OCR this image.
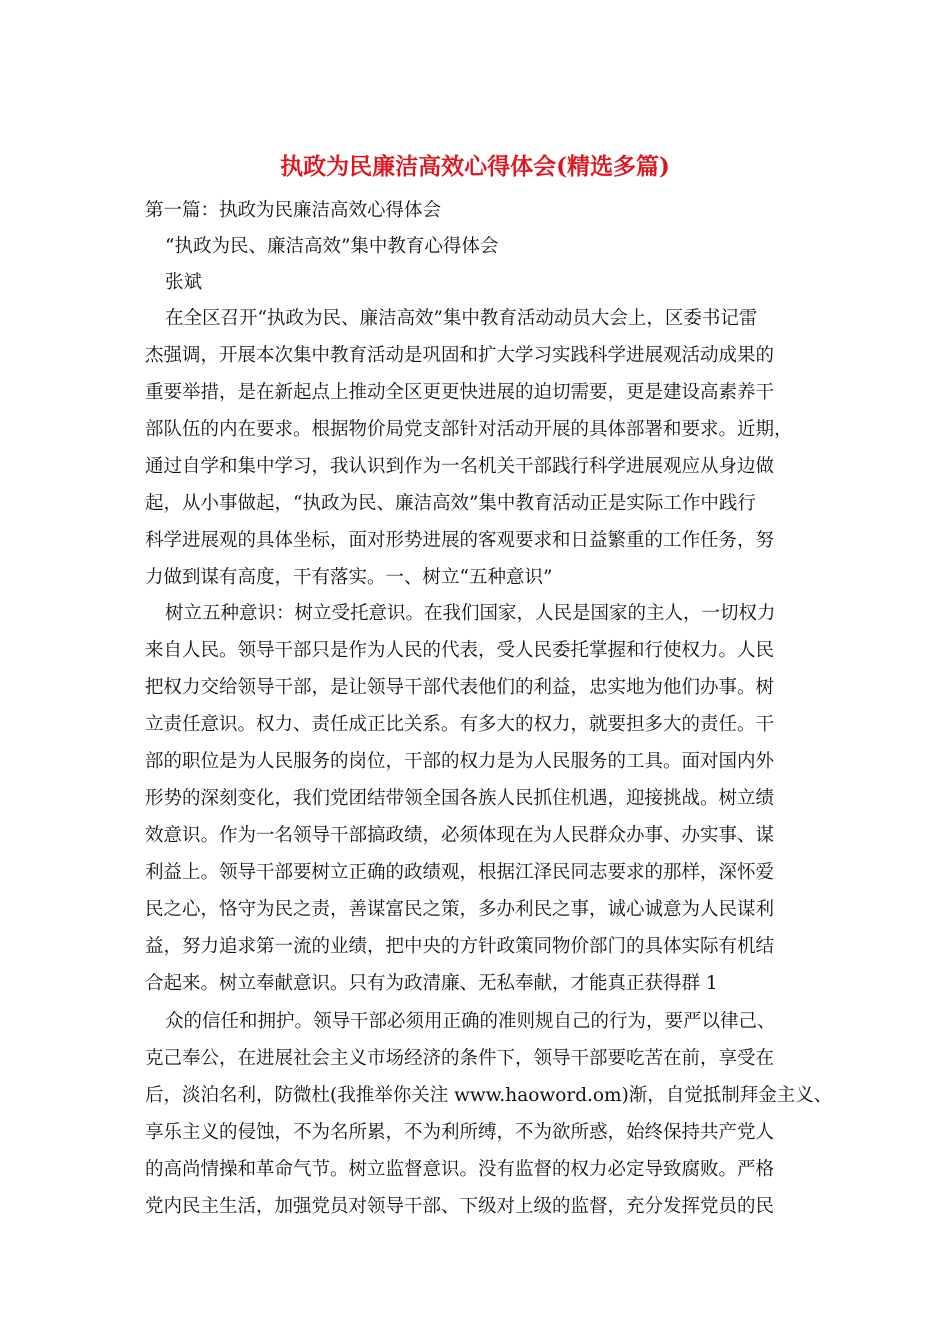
执政为民廉洁高效心得体会(精选多篇)
第一篇：执政为民廉洁高效心得体会
“执政为民、廉洁高效”集中教育心得体会
张斌
在全区召开“执政为民、廉洁高效”集中教育活动动员大会上，区委书记雷
杰强调，开展本次集中教育活动是巩固和扩大学习实践科学进展观活动成果的
重要举措，是在新起点上推动全区更更快进展的迫切需要，更是建设高素养干
部队伍的内在要求。根据物价局党支部针对活动开展的具体部署和要求。近期，
通过自学和集中学习，我认识到作为一名机关干部践行科学进展观应从身边做
起，从小事做起，“执政为民、廉洁高效”集中教育活动正是实际工作中践行
科学进展观的具体坐标，面对形势进展的客观要求和日益繁重的工作任务，努
力做到谋有高度，干有落实。一、树立“五种意识”
树立五种意识：树立受托意识。在我们国家，人民是国家的主人，一切权力
来自人民。领导干部只是作为人民的代表，受人民委托掌握和行使权力。人民
把权力交给领导干部，是让领导干部代表他们的利益，忠实地为他们办事。树
立责任意识。权力、责任成正比关系。有多大的权力，就要担多大的责任。干
部的职位是为人民服务的岗位，干部的权力是为人民服务的工具。面对国内外
形势的深刻变化，我们党团结带领全国各族人民抓住机遇，迎接挑战。树立绩
效意识。作为一名领导干部搞政绩，必须体现在为人民群众办事、办实事、谋
利益上。领导干部要树立正确的政绩观，根据江泽民同志要求的那样，深怀爱
民之心，恪守为民之责，善谋富民之策，多办利民之事，诚心诚意为人民谋利
益，努力追求第一流的业绩，把中央的方针政策同物价部门的具体实际有机结
合起来。树立奉献意识。只有为政清廉、无私奉献，才能真正获得群 1
众的信任和拥护。领导干部必须用正确的准则规自己的行为，要严以律己、
克己奉公，在进展社会主义市场经济的条件下，领导干部要吃苦在前，享受在
后，淡泊名利，防微杜(我推举你关注 www.haoword.om)渐，自觉抵制拜金主义、
享乐主义的侵蚀，不为名所累，不为利所缚，不为欲所惑，始终保持共产党人
的高尚情操和革命气节。树立监督意识。没有监督的权力必定导致腐败。严格
党内民主生活，加强党员对领导干部、下级对上级的监督，充分发挥党员的民
